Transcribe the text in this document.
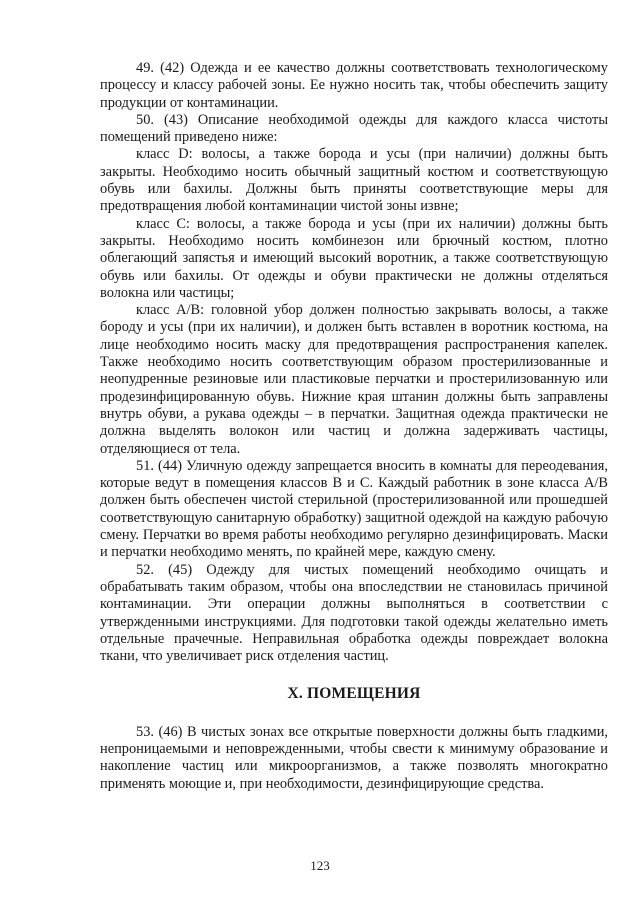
49. (42) Одежда и ее качество должны соответствовать технологическому процессу и классу рабочей зоны. Ее нужно носить так, чтобы обеспечить защиту продукции от контаминации.

50. (43) Описание необходимой одежды для каждого класса чистоты помещений приведено ниже:

класс D: волосы, а также борода и усы (при наличии) должны быть закрыты. Необходимо носить обычный защитный костюм и соответствующую обувь или бахилы. Должны быть приняты соответствующие меры для предотвращения любой контаминации чистой зоны извне;

класс C: волосы, а также борода и усы (при их наличии) должны быть закрыты. Необходимо носить комбинезон или брючный костюм, плотно облегающий запястья и имеющий высокий воротник, а также соответствующую обувь или бахилы. От одежды и обуви практически не должны отделяться волокна или частицы;

класс A/B: головной убор должен полностью закрывать волосы, а также бороду и усы (при их наличии), и должен быть вставлен в воротник костюма, на лице необходимо носить маску для предотвращения распространения капелек. Также необходимо носить соответствующим образом простерилизованные и неопудренные резиновые или пластиковые перчатки и простерилизованную или продезинфицированную обувь. Нижние края штанин должны быть заправлены внутрь обуви, а рукава одежды – в перчатки. Защитная одежда практически не должна выделять волокон или частиц и должна задерживать частицы, отделяющиеся от тела.

51. (44) Уличную одежду запрещается вносить в комнаты для переодевания, которые ведут в помещения классов B и C. Каждый работник в зоне класса A/B должен быть обеспечен чистой стерильной (простерилизованной или прошедшей соответствующую санитарную обработку) защитной одеждой на каждую рабочую смену. Перчатки во время работы необходимо регулярно дезинфицировать. Маски и перчатки необходимо менять, по крайней мере, каждую смену.

52. (45) Одежду для чистых помещений необходимо очищать и обрабатывать таким образом, чтобы она впоследствии не становилась причиной контаминации. Эти операции должны выполняться в соответствии с утвержденными инструкциями. Для подготовки такой одежды желательно иметь отдельные прачечные. Неправильная обработка одежды повреждает волокна ткани, что увеличивает риск отделения частиц.

X. ПОМЕЩЕНИЯ

53. (46) В чистых зонах все открытые поверхности должны быть гладкими, непроницаемыми и неповрежденными, чтобы свести к минимуму образование и накопление частиц или микроорганизмов, а также позволять многократно применять моющие и, при необходимости, дезинфицирующие средства.

123
